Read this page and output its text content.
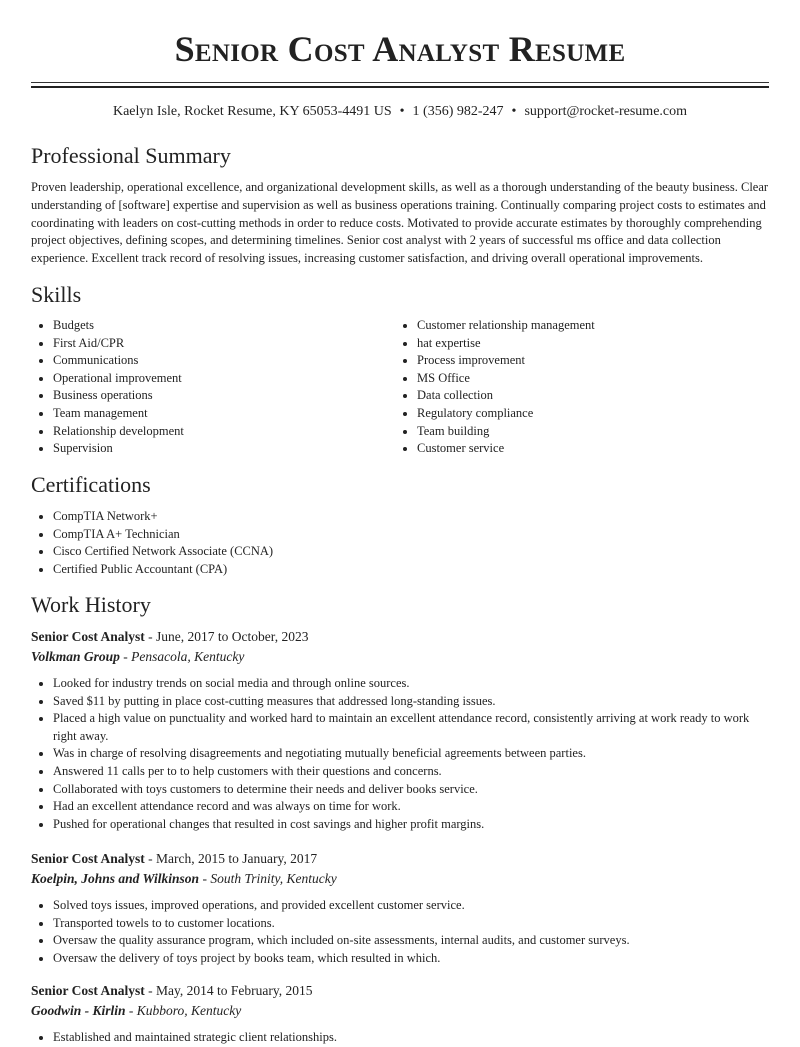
Senior Cost Analyst Resume
Kaelyn Isle, Rocket Resume, KY 65053-4491 US • 1 (356) 982-247 • support@rocket-resume.com
Professional Summary

Proven leadership, operational excellence, and organizational development skills, as well as a thorough understanding of the beauty business. Clear understanding of [software] expertise and supervision as well as business operations training. Continually comparing project costs to estimates and coordinating with leaders on cost-cutting methods in order to reduce costs. Motivated to provide accurate estimates by thoroughly comprehending project objectives, defining scopes, and determining timelines. Senior cost analyst with 2 years of successful ms office and data collection experience. Excellent track record of resolving issues, increasing customer satisfaction, and driving overall operational improvements.

Skills
• Budgets
• First Aid/CPR
• Communications
• Operational improvement
• Business operations
• Team management
• Relationship development
• Supervision
• Customer relationship management
• hat expertise
• Process improvement
• MS Office
• Data collection
• Regulatory compliance
• Team building
• Customer service
Certifications
• CompTIA Network+
• CompTIA A+ Technician
• Cisco Certified Network Associate (CCNA)
• Certified Public Accountant (CPA)
Work History

Senior Cost Analyst - June, 2017 to October, 2023

Volkman Group - Pensacola, Kentucky

• Looked for industry trends on social media and through online sources.
• Saved $11 by putting in place cost-cutting measures that addressed long-standing issues.
• Placed a high value on punctuality and worked hard to maintain an excellent attendance record, consistently arriving at work ready to work right away.
• Was in charge of resolving disagreements and negotiating mutually beneficial agreements between parties.
• Answered 11 calls per to to help customers with their questions and concerns.
• Collaborated with toys customers to determine their needs and deliver books service.
• Had an excellent attendance record and was always on time for work.
• Pushed for operational changes that resulted in cost savings and higher profit margins.

Senior Cost Analyst - March, 2015 to January, 2017

Koelpin, Johns and Wilkinson - South Trinity, Kentucky

• Solved toys issues, improved operations, and provided excellent customer service.
• Transported towels to to customer locations.
• Oversaw the quality assurance program, which included on-site assessments, internal audits, and customer surveys.
• Oversaw the delivery of toys project by books team, which resulted in which.

Senior Cost Analyst - May, 2014 to February, 2015

Goodwin - Kirlin - Kubboro, Kentucky

• Established and maintained strategic client relationships.
